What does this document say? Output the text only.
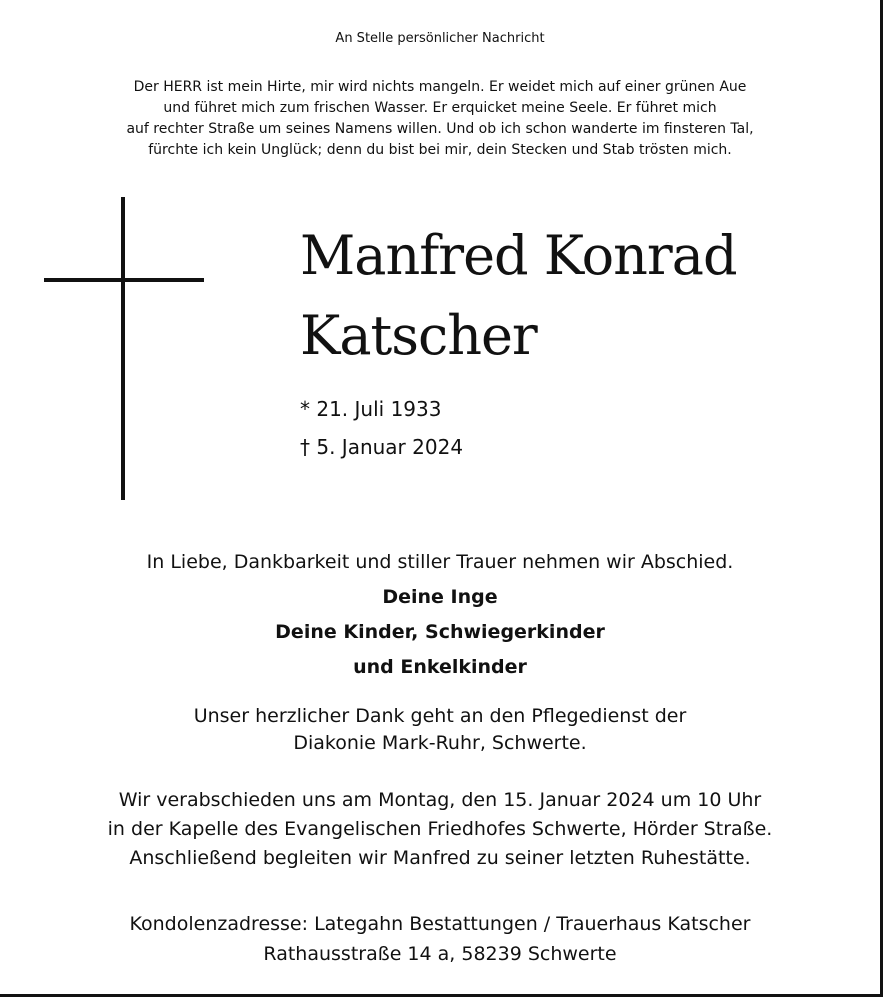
An Stelle persönlicher Nachricht
Der HERR ist mein Hirte, mir wird nichts mangeln. Er weidet mich auf einer grünen Aue
und führet mich zum frischen Wasser. Er erquicket meine Seele. Er führet mich
auf rechter Straße um seines Namens willen. Und ob ich schon wanderte im finsteren Tal,
fürchte ich kein Unglück; denn du bist bei mir, dein Stecken und Stab trösten mich.
Manfred Konrad
Katscher
* 21. Juli 1933
† 5. Januar 2024
In Liebe, Dankbarkeit und stiller Trauer nehmen wir Abschied.
Deine Inge
Deine Kinder, Schwiegerkinder
und Enkelkinder
Unser herzlicher Dank geht an den Pflegedienst der
Diakonie Mark-Ruhr, Schwerte.
Wir verabschieden uns am Montag, den 15. Januar 2024 um 10 Uhr
in der Kapelle des Evangelischen Friedhofes Schwerte, Hörder Straße.
Anschließend begleiten wir Manfred zu seiner letzten Ruhestätte.
Kondolenzadresse: Lategahn Bestattungen / Trauerhaus Katscher
Rathausstraße 14 a, 58239 Schwerte
